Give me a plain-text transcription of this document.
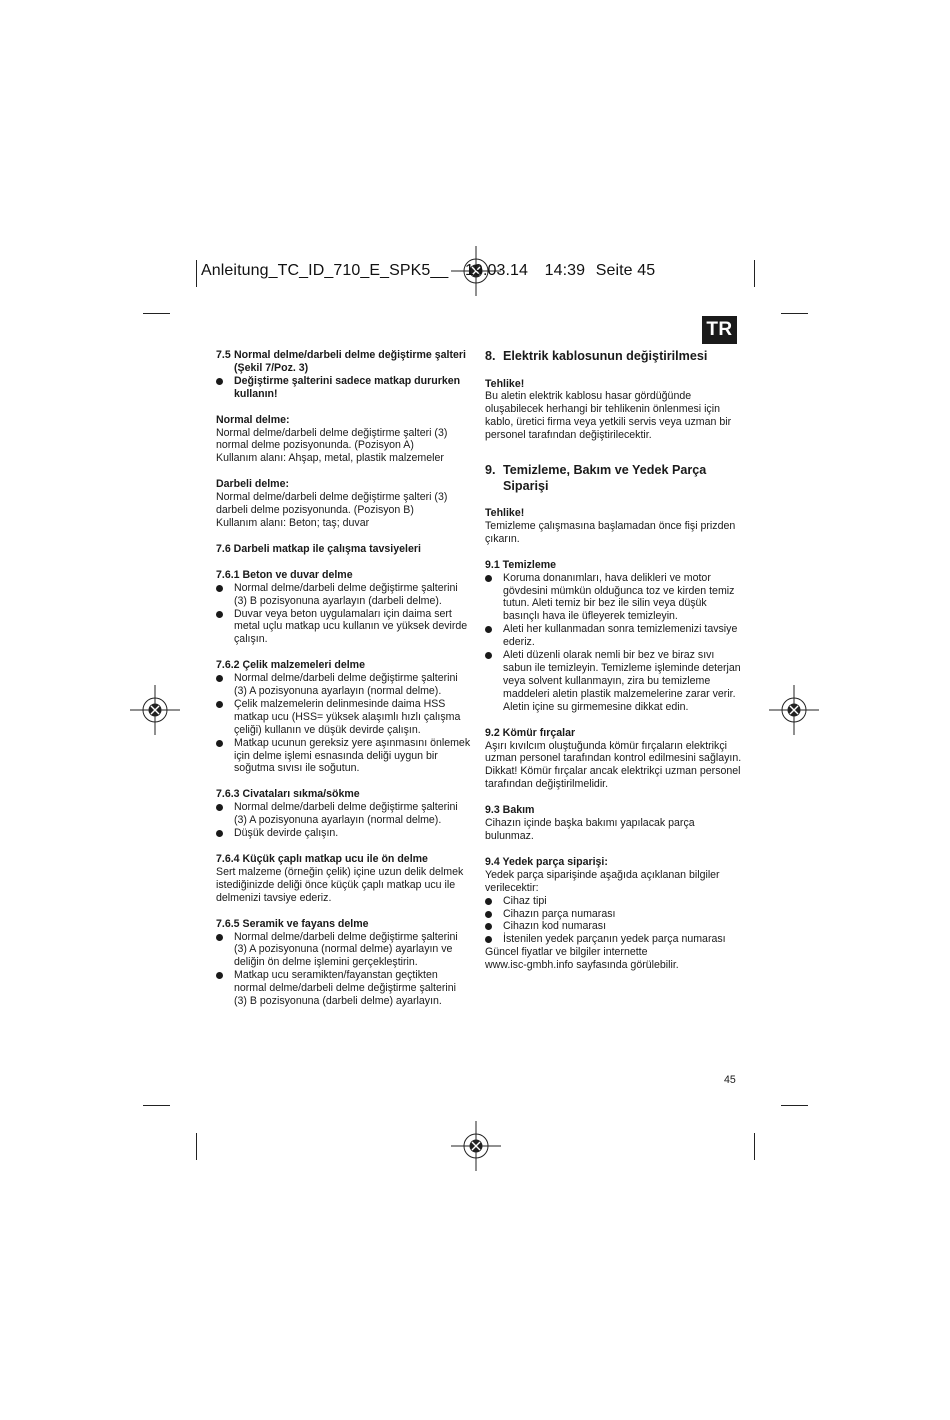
Anleitung_TC_ID_710_E_SPK5__ 19.03.14 14:39 Seite 45
TR
7.5 Normal delme/darbeli delme değiştirme şalteri (Şekil 7/Poz. 3)
Değiştirme şalterini sadece matkap dururken kullanın!

Normal delme:

Normal delme/darbeli delme değiştirme şalteri (3)

normal delme pozisyonunda. (Pozisyon A)

Kullanım alanı: Ahşap, metal, plastik malzemeler

Darbeli delme:

Normal delme/darbeli delme değiştirme şalteri (3)

darbeli delme pozisyonunda. (Pozisyon B)

Kullanım alanı: Beton; taş; duvar

7.6 Darbeli matkap ile çalışma tavsiyeleri

7.6.1 Beton ve duvar delme

Normal delme/darbeli delme değiştirme şalterini (3) B pozisyonuna ayarlayın (darbeli delme).
Duvar veya beton uygulamaları için daima sert metal uçlu matkap ucu kullanın ve yüksek devirde çalışın.

7.6.2 Çelik malzemeleri delme

Normal delme/darbeli delme değiştirme şalterini (3) A pozisyonuna ayarlayın (normal delme).
Çelik malzemelerin delinmesinde daima HSS matkap ucu (HSS= yüksek alaşımlı hızlı çalışma çeliği) kullanın ve düşük devirde çalışın.
Matkap ucunun gereksiz yere aşınmasını önlemek için delme işlemi esnasında deliği uygun bir soğutma sıvısı ile soğutun.

7.6.3 Civataları sıkma/sökme

Normal delme/darbeli delme değiştirme şalterini (3) A pozisyonuna ayarlayın (normal delme).
Düşük devirde çalışın.

7.6.4 Küçük çaplı matkap ucu ile ön delme

Sert malzeme (örneğin çelik) içine uzun delik delmek istediğinizde deliği önce küçük çaplı matkap ucu ile delmenizi tavsiye ederiz.

7.6.5 Seramik ve fayans delme

Normal delme/darbeli delme değiştirme şalterini (3) A pozisyonuna (normal delme) ayarlayın ve deliğin ön delme işlemini gerçekleştirin.
Matkap ucu seramikten/fayanstan geçtikten normal delme/darbeli delme değiştirme şalterini (3) B pozisyonuna (darbeli delme) ayarlayın.
8. Elektrik kablosunun değiştirilmesi

Tehlike!

Bu aletin elektrik kablosu hasar gördüğünde oluşabilecek herhangi bir tehlikenin önlenmesi için kablo, üretici firma veya yetkili servis veya uzman bir personel tarafından değiştirilecektir.

9. Temizleme, Bakım ve Yedek Parça Siparişi

Tehlike!

Temizleme çalışmasına başlamadan önce fişi prizden çıkarın.

9.1 Temizleme

Koruma donanımları, hava delikleri ve motor gövdesini mümkün olduğunca toz ve kirden temiz tutun. Aleti temiz bir bez ile silin veya düşük basınçlı hava ile üfleyerek temizleyin.
Aleti her kullanmadan sonra temizlemenizi tavsiye ederiz.
Aleti düzenli olarak nemli bir bez ve biraz sıvı sabun ile temizleyin. Temizleme işleminde deterjan veya solvent kullanmayın, zira bu temizleme maddeleri aletin plastik malzemelerine zarar verir. Aletin içine su girmemesine dikkat edin.

9.2 Kömür fırçalar

Aşırı kıvılcım oluştuğunda kömür fırçaların elektrikçi uzman personel tarafından kontrol edilmesini sağlayın.

Dikkat! Kömür fırçalar ancak elektrikçi uzman personel tarafından değiştirilmelidir.

9.3 Bakım

Cihazın içinde başka bakımı yapılacak parça bulunmaz.

9.4 Yedek parça siparişi:

Yedek parça siparişinde aşağıda açıklanan bilgiler verilecektir:

Cihaz tipi
Cihazın parça numarası
Cihazın kod numarası
İstenilen yedek parçanın yedek parça numarası

Güncel fiyatlar ve bilgiler internette

www.isc-gmbh.info sayfasında görülebilir.

45
